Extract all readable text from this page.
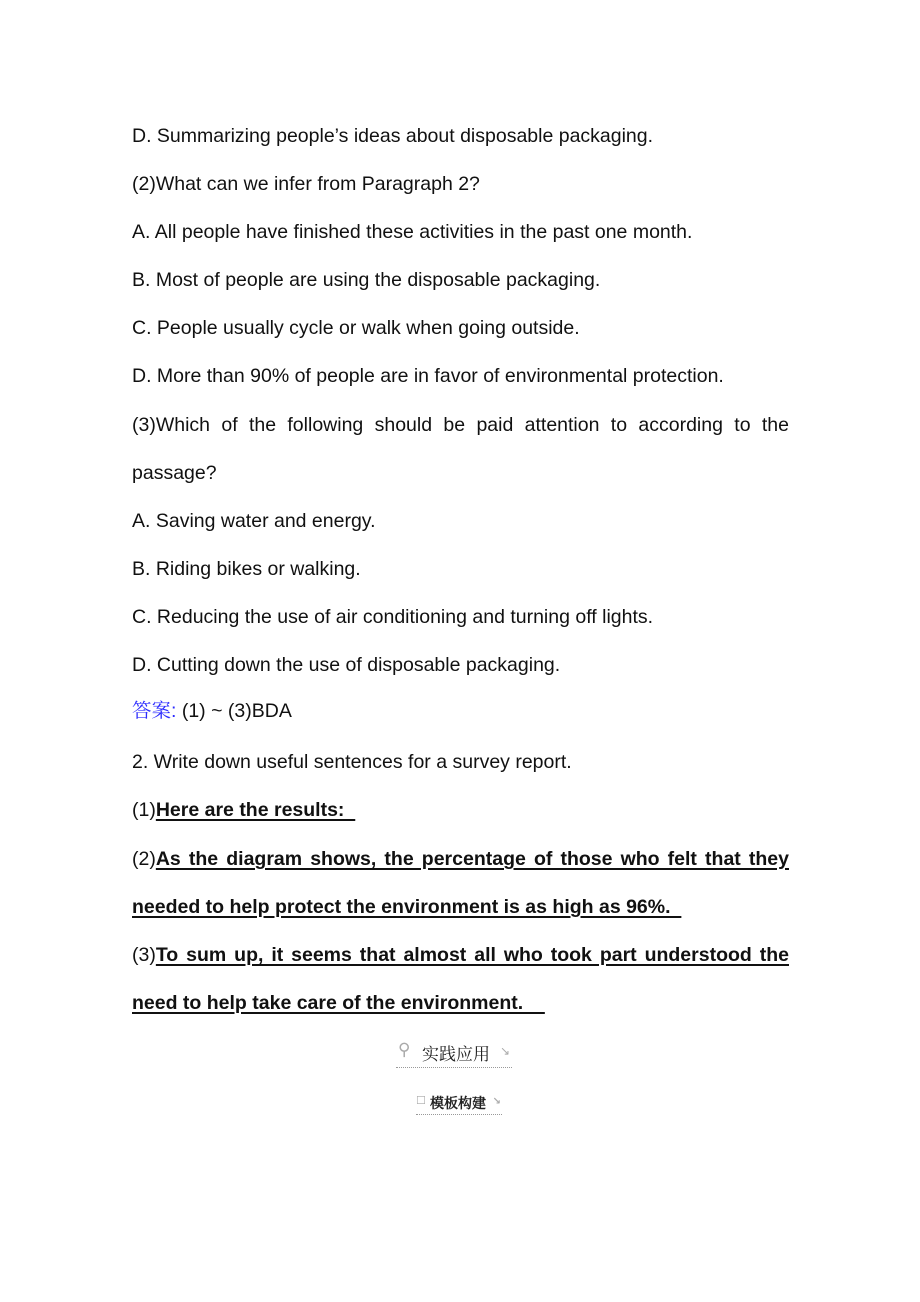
D. Summarizing people’s ideas about disposable packaging.
(2)What can we infer from Paragraph 2?
A. All people have finished these activities in the past one month.
B. Most of people are using the disposable packaging.
C. People usually cycle or walk when going outside.
D. More than 90% of people are in favor of environmental protection.
(3)Which of the following should be paid attention to according to the
passage?
A. Saving water and energy.
B. Riding bikes or walking.
C. Reducing the use of air conditioning and turning off lights.
D. Cutting down the use of disposable packaging.
答案: (1) ~ (3)BDA
2. Write down useful sentences for a survey report.
(1)Here are the results:
(2)As the diagram shows, the percentage of those who felt that they
needed to help protect the environment is as high as 96%.
(3)To sum up, it seems that almost all who took part understood the
need to help take care of the environment.
⚲ 实践应用 ↘
☐ 模板构建 ↘
